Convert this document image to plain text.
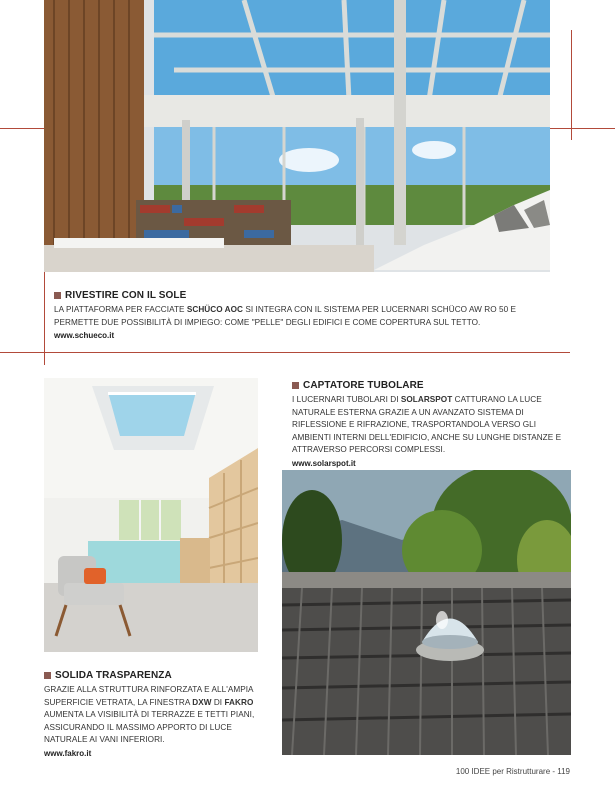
RIVESTIRE CON IL SOLE
LA PIATTAFORMA PER FACCIATE SCHÜCO AOC SI INTEGRA CON IL SISTEMA PER LUCERNARI SCHÜCO AW RO 50 E PERMETTE DUE POSSIBILITÀ DI IMPIEGO: COME "PELLE" DEGLI EDIFICI E COME COPERTURA SUL TETTO.
www.schueco.it
SOLIDA TRASPARENZA
GRAZIE ALLA STRUTTURA RINFORZATA E ALL'AMPIA SUPERFICIE VETRATA, LA FINESTRA DXW DI FAKRO AUMENTA LA VISIBILITÀ DI TERRAZZE E TETTI PIANI, ASSICURANDO IL MASSIMO APPORTO DI LUCE NATURALE AI VANI INFERIORI.
www.fakro.it
CAPTATORE TUBOLARE
I LUCERNARI TUBOLARI DI SOLARSPOT CATTURANO LA LUCE NATURALE ESTERNA GRAZIE A UN AVANZATO SISTEMA DI RIFLESSIONE E RIFRAZIONE, TRASPORTANDOLA VERSO GLI AMBIENTI INTERNI DELL'EDIFICIO, ANCHE SU LUNGHE DISTANZE E ATTRAVERSO PERCORSI COMPLESSI.
www.solarspot.it
100 IDEE per Ristrutturare - 119
